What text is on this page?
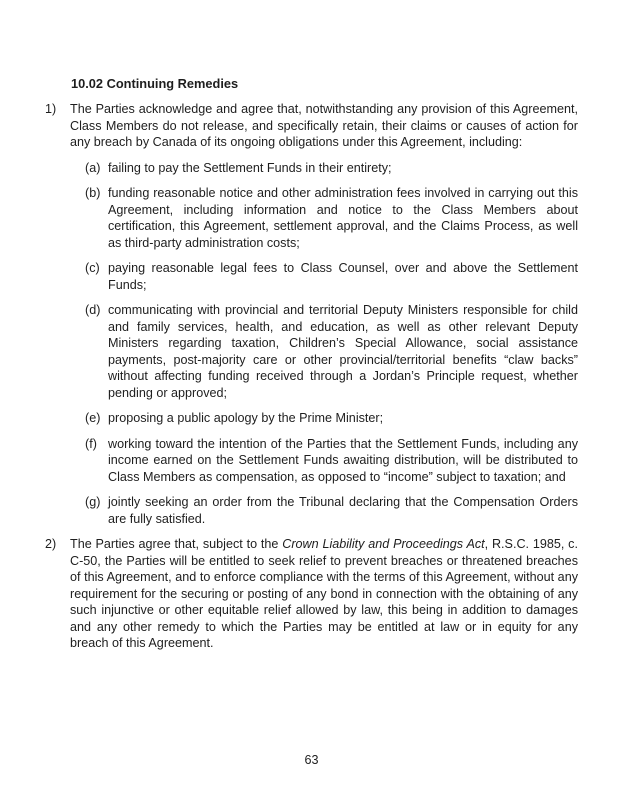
10.02 Continuing Remedies
1)	The Parties acknowledge and agree that, notwithstanding any provision of this Agreement, Class Members do not release, and specifically retain, their claims or causes of action for any breach by Canada of its ongoing obligations under this Agreement, including:
(a) failing to pay the Settlement Funds in their entirety;
(b) funding reasonable notice and other administration fees involved in carrying out this Agreement, including information and notice to the Class Members about certification, this Agreement, settlement approval, and the Claims Process, as well as third-party administration costs;
(c) paying reasonable legal fees to Class Counsel, over and above the Settlement Funds;
(d) communicating with provincial and territorial Deputy Ministers responsible for child and family services, health, and education, as well as other relevant Deputy Ministers regarding taxation, Children’s Special Allowance, social assistance payments, post-majority care or other provincial/territorial benefits “claw backs” without affecting funding received through a Jordan’s Principle request, whether pending or approved;
(e) proposing a public apology by the Prime Minister;
(f) working toward the intention of the Parties that the Settlement Funds, including any income earned on the Settlement Funds awaiting distribution, will be distributed to Class Members as compensation, as opposed to “income” subject to taxation; and
(g) jointly seeking an order from the Tribunal declaring that the Compensation Orders are fully satisfied.
2)	The Parties agree that, subject to the Crown Liability and Proceedings Act, R.S.C. 1985, c. C-50, the Parties will be entitled to seek relief to prevent breaches or threatened breaches of this Agreement, and to enforce compliance with the terms of this Agreement, without any requirement for the securing or posting of any bond in connection with the obtaining of any such injunctive or other equitable relief allowed by law, this being in addition to damages and any other remedy to which the Parties may be entitled at law or in equity for any breach of this Agreement.
63
